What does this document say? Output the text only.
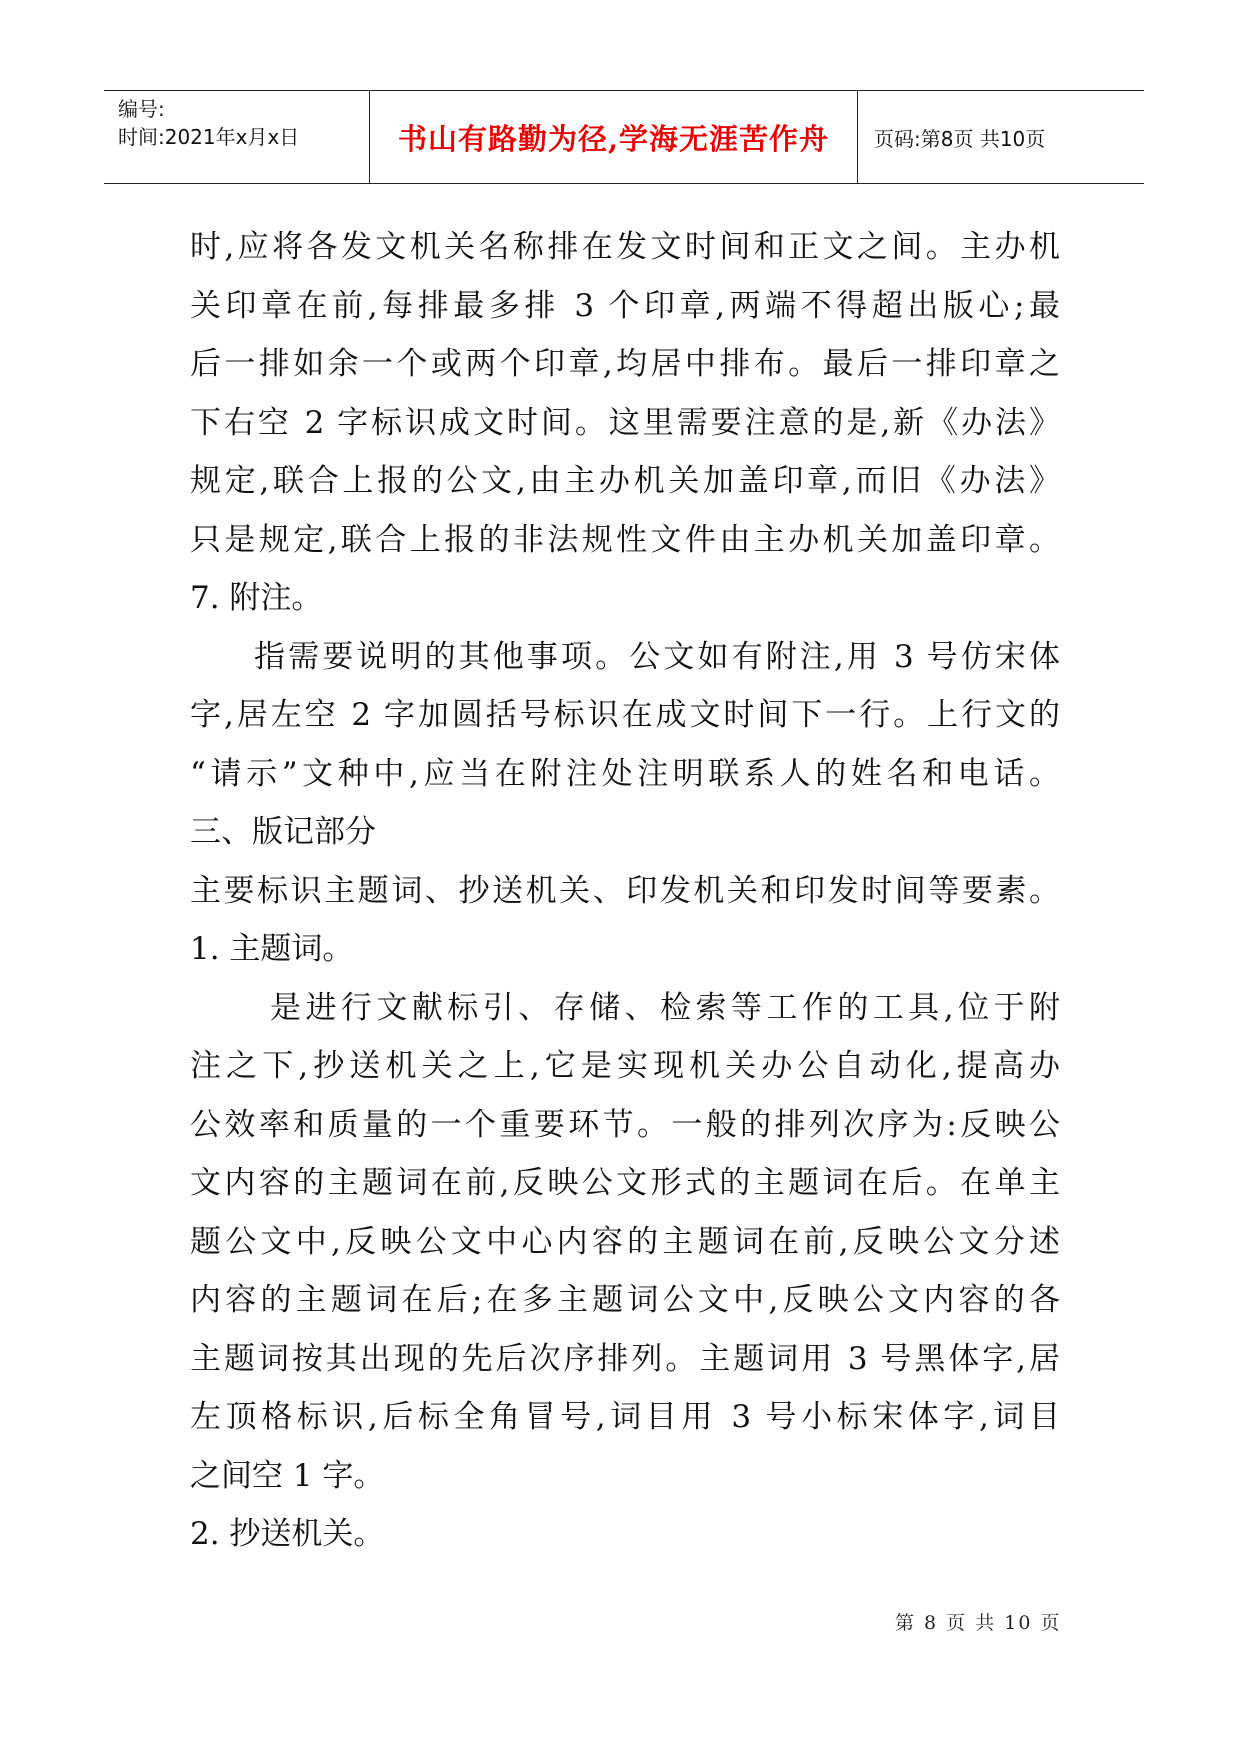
编号:
时间:2021年x月x日	书山有路勤为径,学海无涯苦作舟	页码:第8页 共10页
时,应将各发文机关名称排在发文时间和正文之间。主办机
关印章在前,每排最多排 3 个印章,两端不得超出版心;最
后一排如余一个或两个印章,均居中排布。最后一排印章之
下右空 2 字标识成文时间。这里需要注意的是,新《办法》
规定,联合上报的公文,由主办机关加盖印章,而旧《办法》
只是规定,联合上报的非法规性文件由主办机关加盖印章。
7. 附注。
指需要说明的其他事项。公文如有附注,用 3 号仿宋体
字,居左空 2 字加圆括号标识在成文时间下一行。上行文的
“请示”文种中,应当在附注处注明联系人的姓名和电话。
三、版记部分
主要标识主题词、抄送机关、印发机关和印发时间等要素。
1. 主题词。
是进行文献标引、存储、检索等工作的工具,位于附
注之下,抄送机关之上,它是实现机关办公自动化,提高办
公效率和质量的一个重要环节。一般的排列次序为:反映公
文内容的主题词在前,反映公文形式的主题词在后。在单主
题公文中,反映公文中心内容的主题词在前,反映公文分述
内容的主题词在后;在多主题词公文中,反映公文内容的各
主题词按其出现的先后次序排列。主题词用 3 号黑体字,居
左顶格标识,后标全角冒号,词目用 3 号小标宋体字,词目
之间空 1 字。
2. 抄送机关。
第 8 页 共 10 页
